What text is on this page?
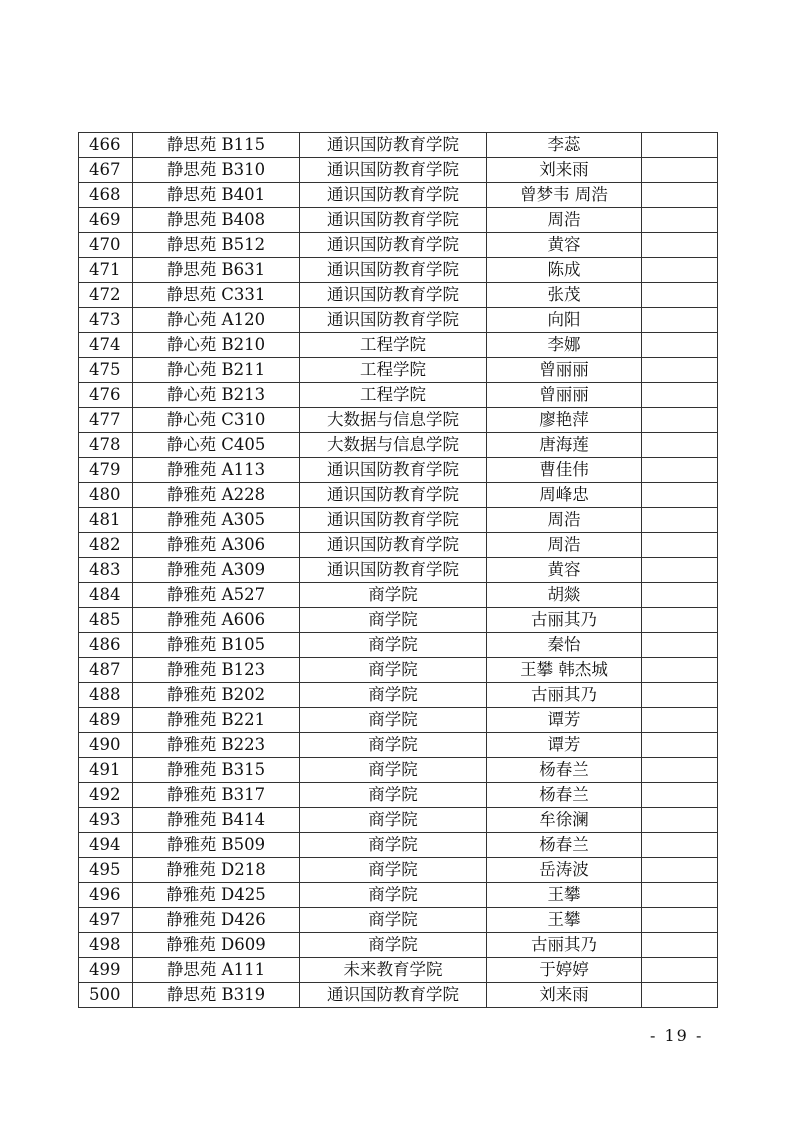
466	静思苑 B115	通识国防教育学院	李蕊	
467	静思苑 B310	通识国防教育学院	刘来雨	
468	静思苑 B401	通识国防教育学院	曾梦韦 周浩	
469	静思苑 B408	通识国防教育学院	周浩	
470	静思苑 B512	通识国防教育学院	黄容	
471	静思苑 B631	通识国防教育学院	陈成	
472	静思苑 C331	通识国防教育学院	张茂	
473	静心苑 A120	通识国防教育学院	向阳	
474	静心苑 B210	工程学院	李娜	
475	静心苑 B211	工程学院	曾丽丽	
476	静心苑 B213	工程学院	曾丽丽	
477	静心苑 C310	大数据与信息学院	廖艳萍	
478	静心苑 C405	大数据与信息学院	唐海莲	
479	静雅苑 A113	通识国防教育学院	曹佳伟	
480	静雅苑 A228	通识国防教育学院	周峰忠	
481	静雅苑 A305	通识国防教育学院	周浩	
482	静雅苑 A306	通识国防教育学院	周浩	
483	静雅苑 A309	通识国防教育学院	黄容	
484	静雅苑 A527	商学院	胡燚	
485	静雅苑 A606	商学院	古丽其乃	
486	静雅苑 B105	商学院	秦怡	
487	静雅苑 B123	商学院	王攀 韩杰城	
488	静雅苑 B202	商学院	古丽其乃	
489	静雅苑 B221	商学院	谭芳	
490	静雅苑 B223	商学院	谭芳	
491	静雅苑 B315	商学院	杨春兰	
492	静雅苑 B317	商学院	杨春兰	
493	静雅苑 B414	商学院	牟徐澜	
494	静雅苑 B509	商学院	杨春兰	
495	静雅苑 D218	商学院	岳涛波	
496	静雅苑 D425	商学院	王攀	
497	静雅苑 D426	商学院	王攀	
498	静雅苑 D609	商学院	古丽其乃	
499	静思苑 A111	未来教育学院	于婷婷	
500	静思苑 B319	通识国防教育学院	刘来雨	
- 19 -
